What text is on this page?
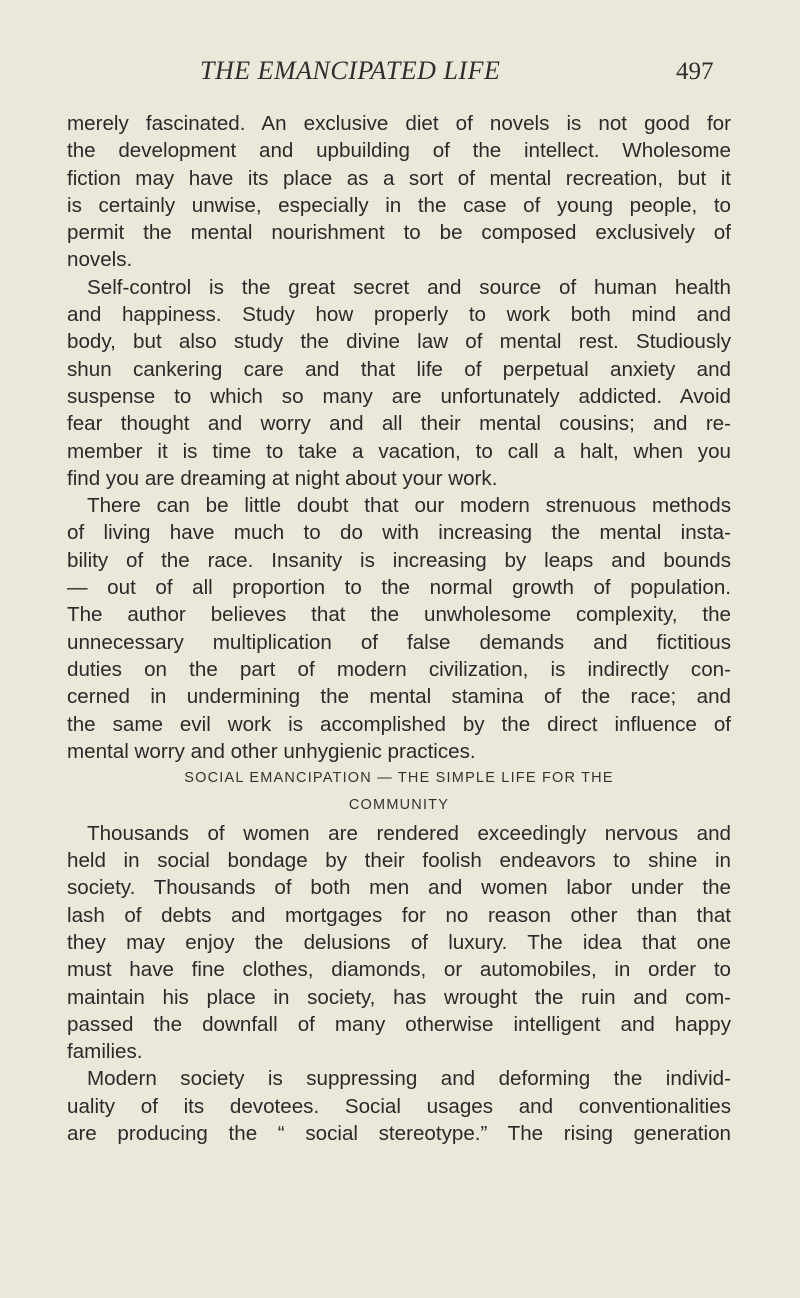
THE EMANCIPATED LIFE	497
merely fascinated. An exclusive diet of novels is not good for
the development and upbuilding of the intellect. Wholesome
fiction may have its place as a sort of mental recreation, but it
is certainly unwise, especially in the case of young people, to
permit the mental nourishment to be composed exclusively of
novels.
Self-control is the great secret and source of human health
and happiness. Study how properly to work both mind and
body, but also study the divine law of mental rest. Studiously
shun cankering care and that life of perpetual anxiety and
suspense to which so many are unfortunately addicted. Avoid
fear thought and worry and all their mental cousins; and re-
member it is time to take a vacation, to call a halt, when you
find you are dreaming at night about your work.
There can be little doubt that our modern strenuous methods
of living have much to do with increasing the mental insta-
bility of the race. Insanity is increasing by leaps and bounds
— out of all proportion to the normal growth of population.
The author believes that the unwholesome complexity, the
unnecessary multiplication of false demands and fictitious
duties on the part of modern civilization, is indirectly con-
cerned in undermining the mental stamina of the race; and
the same evil work is accomplished by the direct influence of
mental worry and other unhygienic practices.
SOCIAL EMANCIPATION — THE SIMPLE LIFE FOR THE
COMMUNITY
Thousands of women are rendered exceedingly nervous and
held in social bondage by their foolish endeavors to shine in
society. Thousands of both men and women labor under the
lash of debts and mortgages for no reason other than that
they may enjoy the delusions of luxury. The idea that one
must have fine clothes, diamonds, or automobiles, in order to
maintain his place in society, has wrought the ruin and com-
passed the downfall of many otherwise intelligent and happy
families.
Modern society is suppressing and deforming the individ-
uality of its devotees. Social usages and conventionalities
are producing the “ social stereotype.” The rising generation
